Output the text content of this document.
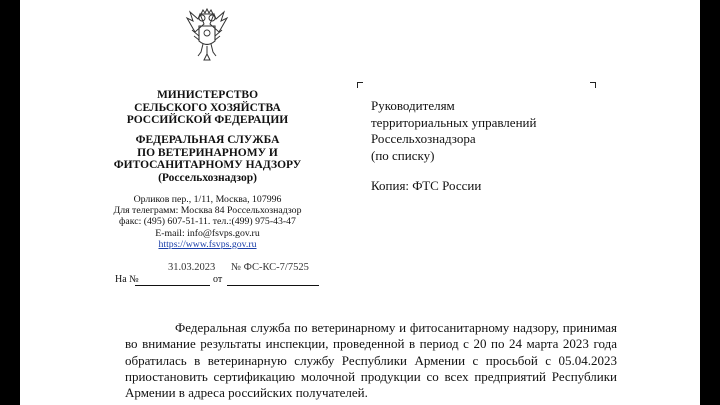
МИНИСТЕРСТВО
СЕЛЬСКОГО ХОЗЯЙСТВА
РОССИЙСКОЙ ФЕДЕРАЦИИ
ФЕДЕРАЛЬНАЯ СЛУЖБА
ПО ВЕТЕРИНАРНОМУ И
ФИТОСАНИТАРНОМУ НАДЗОРУ
(Россельхознадзор)
Орликов пер., 1/11, Москва, 107996
Для телеграмм: Москва 84 Россельхознадзор
факс: (495) 607-51-11. тел.:(499) 975-43-47
E-mail: info@fsvps.gov.ru
https://www.fsvps.gov.ru
На №	от
31.03.2023 № ФС-КС-7/7525
Руководителям
территориальных управлений
Россельхознадзора
(по списку)
Копия: ФТС России

Федеральная служба по ветеринарному и фитосанитарному надзору, принимая во внимание результаты инспекции, проведенной в период с 20 по 24 марта 2023 года обратилась в ветеринарную службу Республики Армении с просьбой с 05.04.2023 приостановить сертификацию молочной продукции со всех предприятий Республики Армении в адреса российских получателей.
